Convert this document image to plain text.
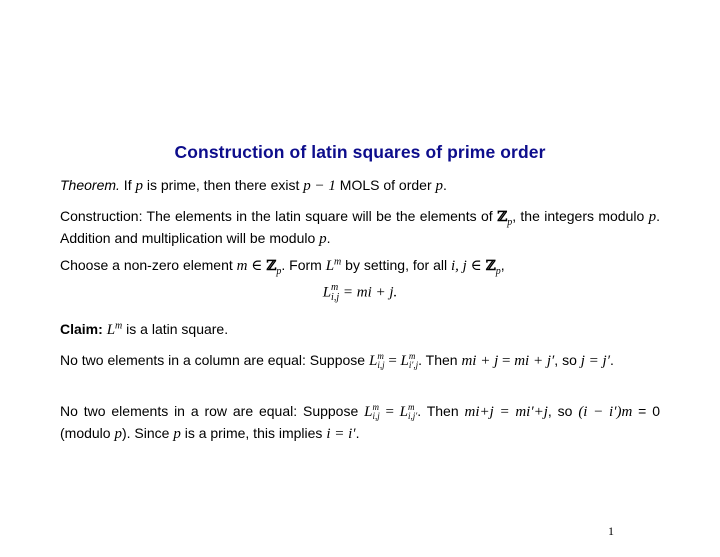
Construction of latin squares of prime order
Theorem. If p is prime, then there exist p − 1 MOLS of order p.
Construction: The elements in the latin square will be the elements of ℤ$_p$, the integers modulo p. Addition and multiplication will be modulo p.
Choose a non-zero element m ∈ ℤ$_p$. Form $L^m$ by setting, for all i, j ∈ ℤ$_p$,
L m
i,j = mi + j.
Claim: $L^m$ is a latin square.
No two elements in a column are equal: Suppose L m
i,j = L m
i′,j . Then mi + j = mi + j′, so j = j′.
No two elements in a row are equal: Suppose L m
i,j = L m
i,j′ . Then mi+j = mi′+j, so (i − i′)m = 0 (modulo p). Since p is a prime, this implies i = i′.
1
